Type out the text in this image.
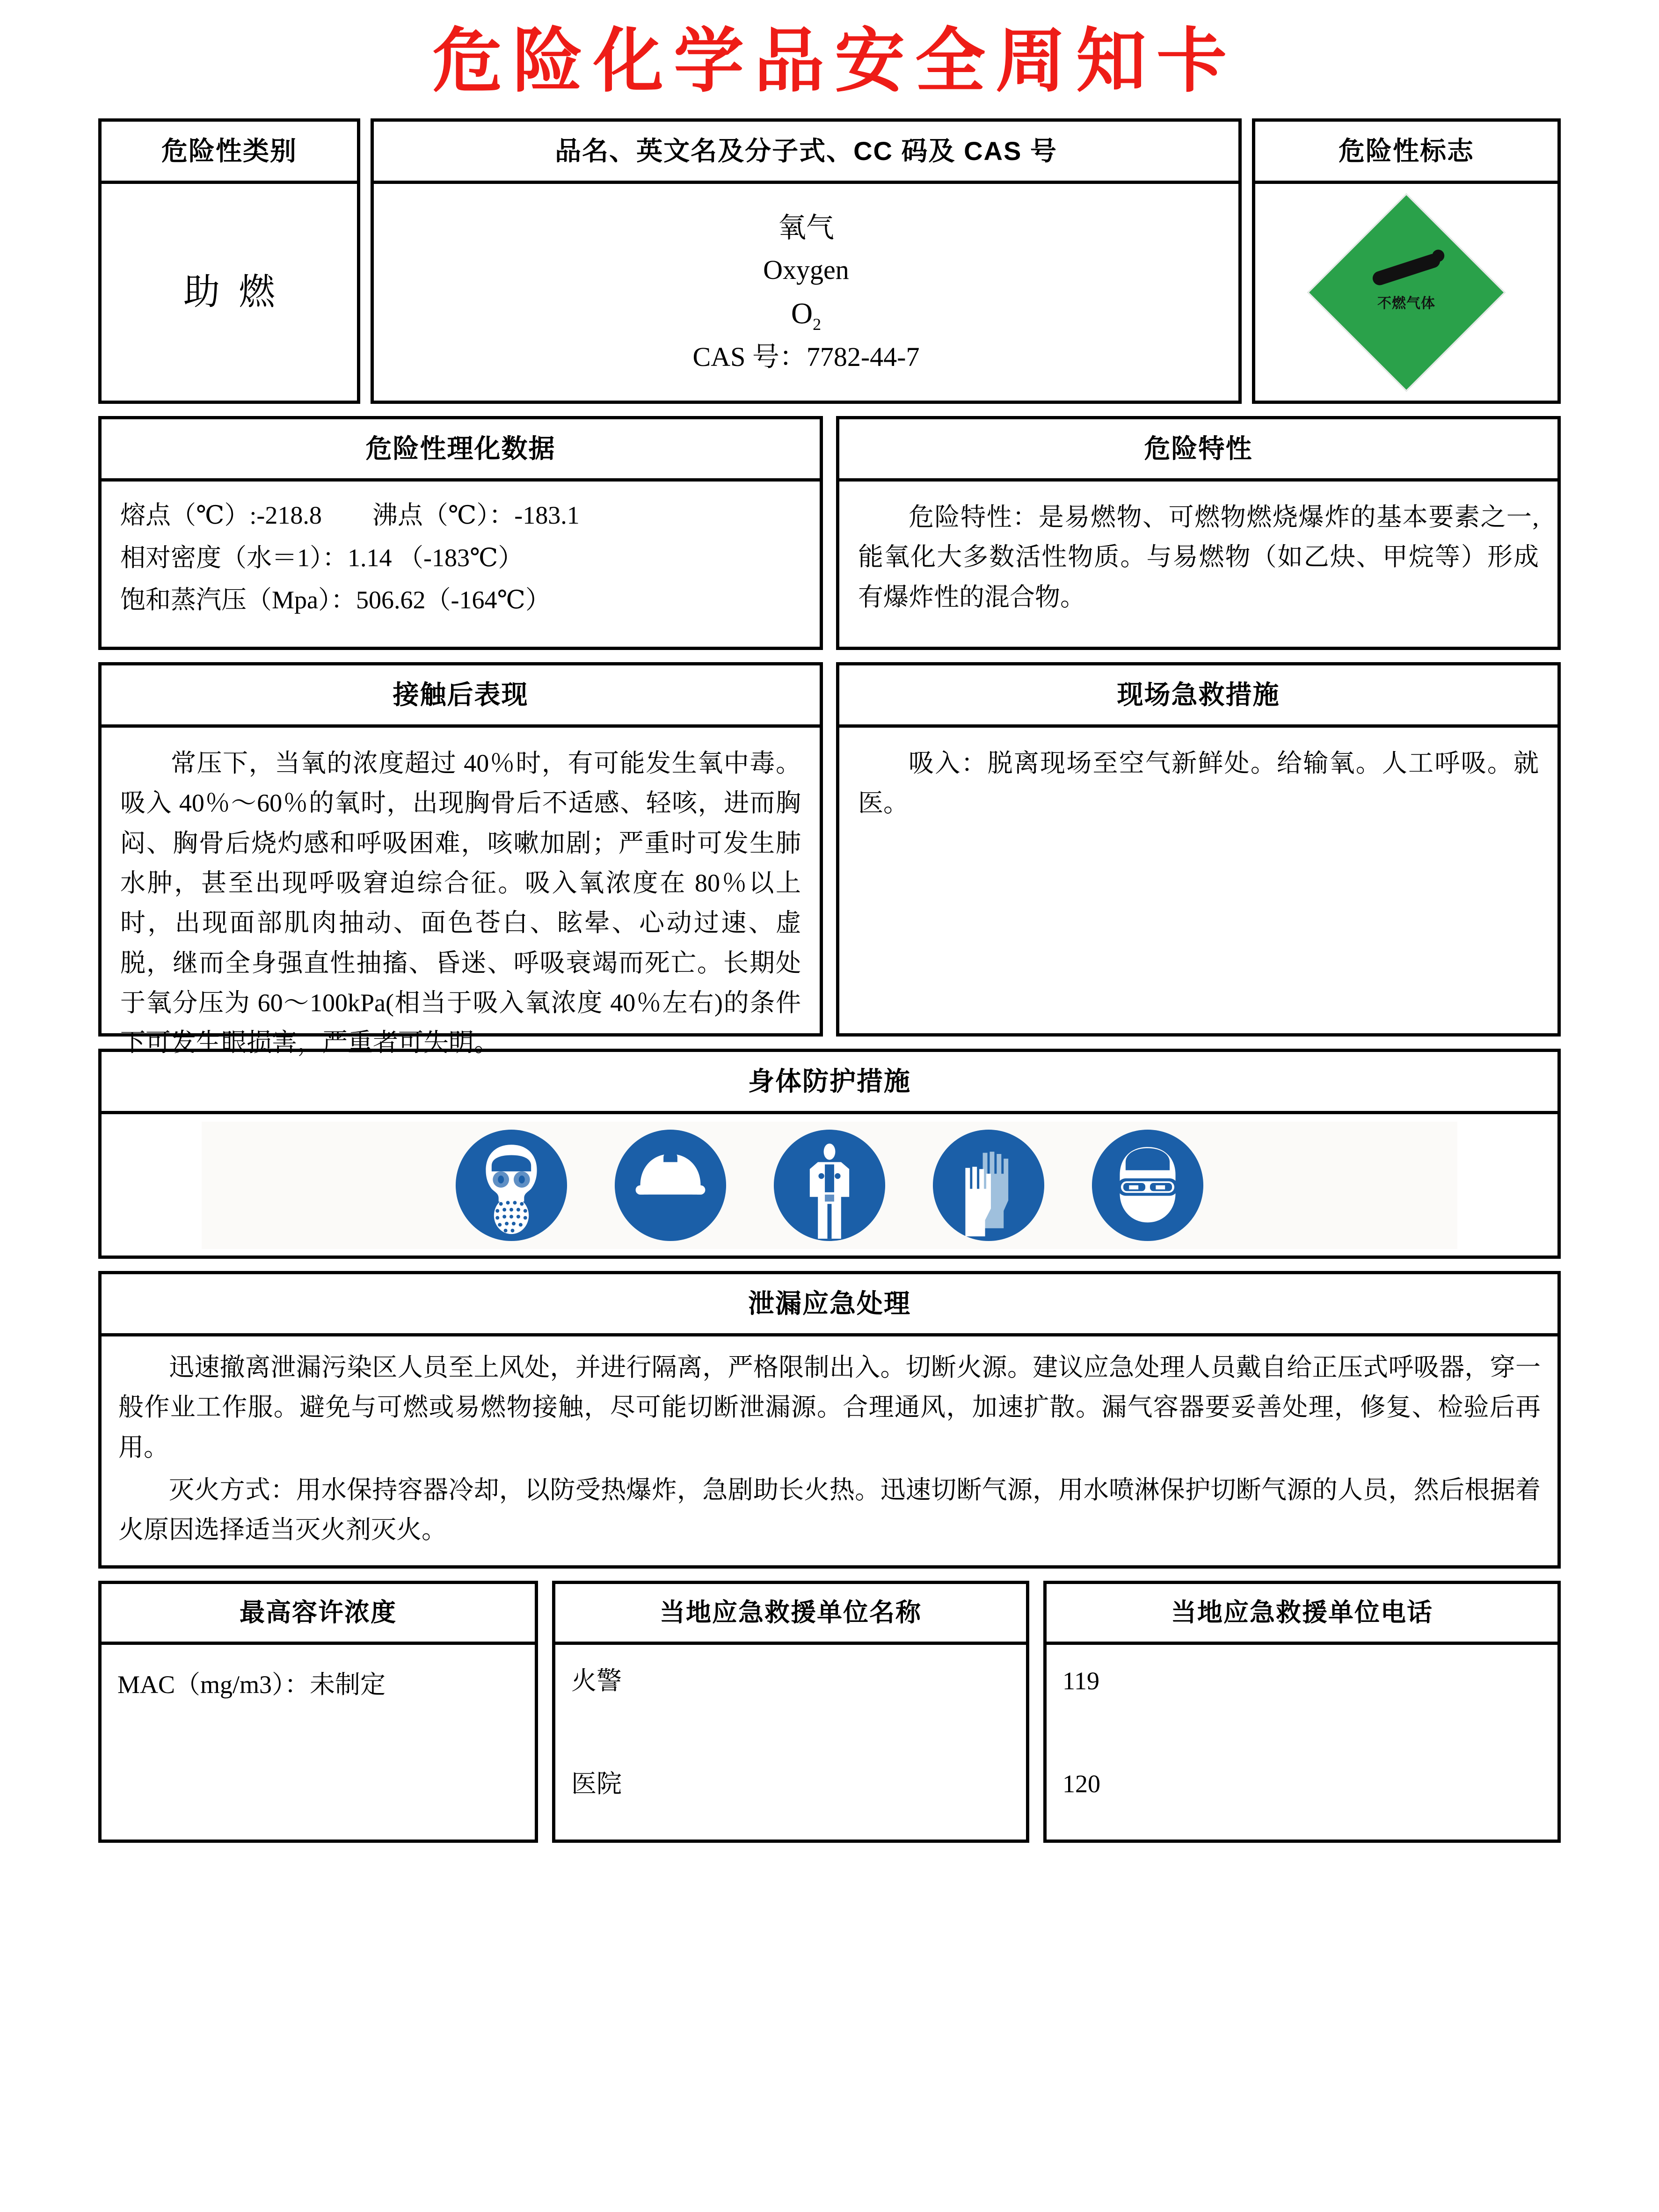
危险化学品安全周知卡
危险性类别
助燃
品名、英文名及分子式、CC 码及 CAS 号
氧气
Oxygen
$O_2$
CAS 号：7782-44-7
危险性标志
不燃气体
危险性理化数据

熔点（℃）:-218.8　　沸点（℃）：-183.1

相对密度（水＝1）：1.14 （-183℃）

饱和蒸汽压（Mpa）：506.62（-164℃）

危险特性

危险特性：是易燃物、可燃物燃烧爆炸的基本要素之一, 能氧化大多数活性物质。与易燃物（如乙炔、甲烷等）形成有爆炸性的混合物。

接触后表现

常压下，当氧的浓度超过 40％时，有可能发生氧中毒。吸入 40％～60％的氧时，出现胸骨后不适感、轻咳，进而胸闷、胸骨后烧灼感和呼吸困难，咳嗽加剧；严重时可发生肺水肿，甚至出现呼吸窘迫综合征。吸入氧浓度在 80％以上时，出现面部肌肉抽动、面色苍白、眩晕、心动过速、虚脱，继而全身强直性抽搐、昏迷、呼吸衰竭而死亡。长期处于氧分压为 60～100kPa(相当于吸入氧浓度 40％左右)的条件下可发生眼损害，严重者可失明。

现场急救措施

吸入：脱离现场至空气新鲜处。给输氧。人工呼吸。就医。

身体防护措施
泄漏应急处理

迅速撤离泄漏污染区人员至上风处，并进行隔离，严格限制出入。切断火源。建议应急处理人员戴自给正压式呼吸器，穿一般作业工作服。避免与可燃或易燃物接触，尽可能切断泄漏源。合理通风，加速扩散。漏气容器要妥善处理，修复、检验后再用。

灭火方式：用水保持容器冷却，以防受热爆炸，急剧助长火热。迅速切断气源，用水喷淋保护切断气源的人员，然后根据着火原因选择适当灭火剂灭火。

最高容许浓度
MAC（mg/m3）：未制定
当地应急救援单位名称
火警
医院
当地应急救援单位电话
119
120
